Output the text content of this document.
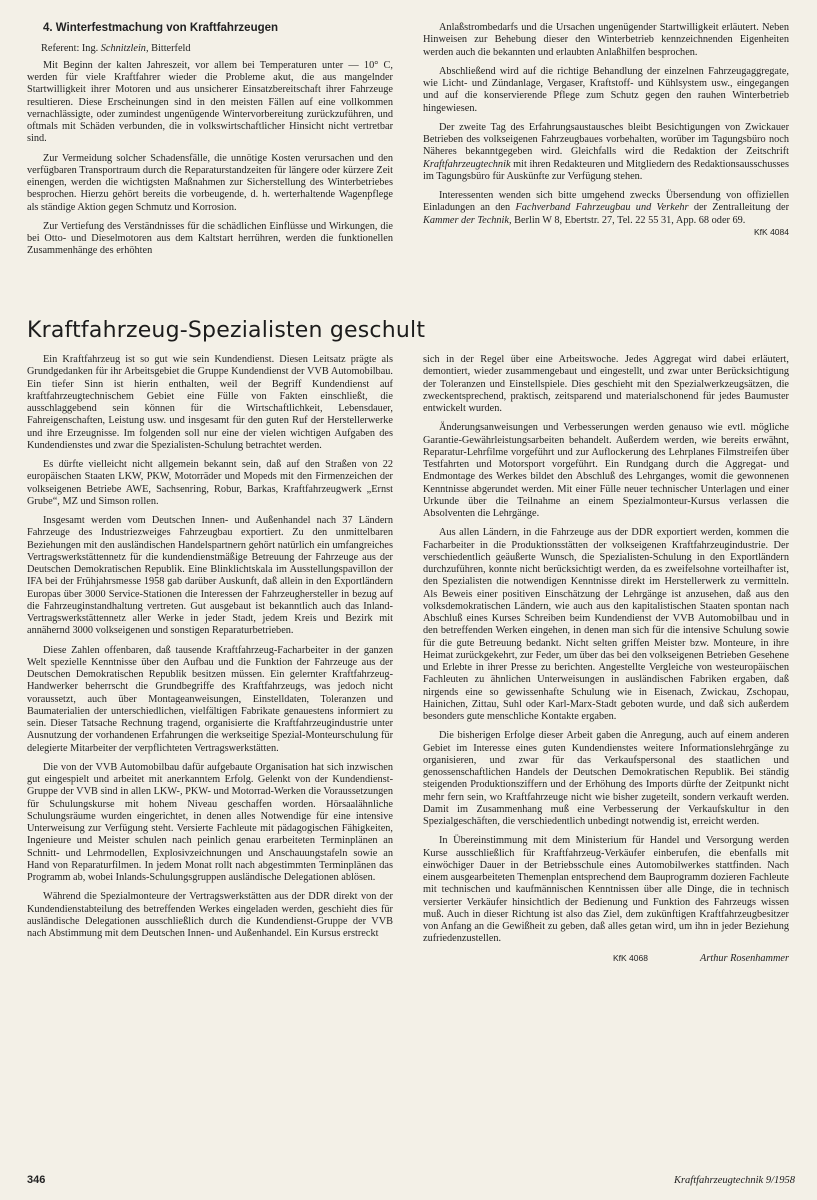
4. Winterfestmachung von Kraftfahrzeugen

Referent: Ing. Schnitzlein, Bitterfeld

Mit Beginn der kalten Jahreszeit, vor allem bei Temperaturen unter — 10° C, werden für viele Kraftfahrer wieder die Probleme akut, die aus mangelnder Startwilligkeit ihrer Motoren und aus unsicherer Einsatzbereitschaft ihrer Fahrzeuge resultieren. Diese Erscheinungen sind in den meisten Fällen auf eine vollkommen vernachlässigte, oder zumindest ungenügende Wintervorbereitung zurückzuführen, und oftmals mit Schäden verbunden, die in volkswirtschaftlicher Hinsicht nicht vertretbar sind.

Zur Vermeidung solcher Schadensfälle, die unnötige Kosten verursachen und den verfügbaren Transportraum durch die Reparaturstandzeiten für längere oder kürzere Zeit einengen, werden die wichtigsten Maßnahmen zur Sicherstellung des Winterbetriebes besprochen. Hierzu gehört bereits die vorbeugende, d. h. werterhaltende Wagenpflege als ständige Aktion gegen Schmutz und Korrosion.

Zur Vertiefung des Verständnisses für die schädlichen Einflüsse und Wirkungen, die bei Otto- und Dieselmotoren aus dem Kaltstart herrühren, werden die funktionellen Zusammenhänge des erhöhten

Anlaßstrombedarfs und die Ursachen ungenügender Startwilligkeit erläutert. Neben Hinweisen zur Behebung dieser den Winterbetrieb kennzeichnenden Eigenheiten werden auch die bekannten und erlaubten Anlaßhilfen besprochen.

Abschließend wird auf die richtige Behandlung der einzelnen Fahrzeugaggregate, wie Licht- und Zündanlage, Vergaser, Kraftstoff- und Kühlsystem usw., eingegangen und auf die konservierende Pflege zum Schutz gegen den rauhen Winterbetrieb hingewiesen.

Der zweite Tag des Erfahrungsaustausches bleibt Besichtigungen von Zwickauer Betrieben des volkseigenen Fahrzeugbaues vorbehalten, worüber im Tagungsbüro noch Näheres bekanntgegeben wird. Gleichfalls wird die Redaktion der Zeitschrift Kraftfahrzeugtechnik mit ihren Redakteuren und Mitgliedern des Redaktionsausschusses im Tagungsbüro für Auskünfte zur Verfügung stehen.

Interessenten wenden sich bitte umgehend zwecks Übersendung von offiziellen Einladungen an den Fachverband Fahrzeugbau und Verkehr der Zentralleitung der Kammer der Technik, Berlin W 8, Ebertstr. 27, Tel. 22 55 31, App. 68 oder 69.
KfK 4084

Kraftfahrzeug-Spezialisten geschult

Ein Kraftfahrzeug ist so gut wie sein Kundendienst. Diesen Leitsatz prägte als Grundgedanken für ihr Arbeitsgebiet die Gruppe Kundendienst der VVB Automobilbau. Ein tiefer Sinn ist hierin enthalten, weil der Begriff Kundendienst auf kraftfahrzeugtechnischem Gebiet eine Fülle von Fakten einschließt, die ausschlaggebend sein können für die Wirtschaftlichkeit, Lebensdauer, Fahreigenschaften, Leistung usw. und insgesamt für den guten Ruf der Herstellerwerke und ihre Erzeugnisse. Im folgenden soll nur eine der vielen wichtigen Aufgaben des Kundendienstes und zwar die Spezialisten-Schulung betrachtet werden.

Es dürfte vielleicht nicht allgemein bekannt sein, daß auf den Straßen von 22 europäischen Staaten LKW, PKW, Motorräder und Mopeds mit den Firmenzeichen der volkseigenen Betriebe AWE, Sachsenring, Robur, Barkas, Kraftfahrzeugwerk „Ernst Grube“, MZ und Simson rollen.

Insgesamt werden vom Deutschen Innen- und Außenhandel nach 37 Ländern Fahrzeuge des Industriezweiges Fahrzeugbau exportiert. Zu den unmittelbaren Beziehungen mit den ausländischen Handelspartnern gehört natürlich ein umfangreiches Vertragswerkstättennetz für die kundendienstmäßige Betreuung der Fahrzeuge aus der Deutschen Demokratischen Republik. Eine Blinklichtskala im Ausstellungspavillon der IFA bei der Frühjahrsmesse 1958 gab darüber Auskunft, daß allein in den Exportländern Europas über 3000 Service-Stationen die Interessen der Fahrzeughersteller in bezug auf die Fahrzeuginstandhaltung vertreten. Gut ausgebaut ist bekanntlich auch das Inland-Vertragswerkstättennetz aller Werke in jeder Stadt, jedem Kreis und Bezirk mit annähernd 3000 volkseigenen und sonstigen Reparaturbetrieben.

Diese Zahlen offenbaren, daß tausende Kraftfahrzeug-Facharbeiter in der ganzen Welt spezielle Kenntnisse über den Aufbau und die Funktion der Fahrzeuge aus der Deutschen Demokratischen Republik besitzen müssen. Ein gelernter Kraftfahrzeug-Handwerker beherrscht die Grundbegriffe des Kraftfahrzeugs, was jedoch nicht voraussetzt, auch über Montageanweisungen, Einstelldaten, Toleranzen und Baumaterialien der unterschiedlichen, vielfältigen Fabrikate genauestens informiert zu sein. Dieser Tatsache Rechnung tragend, organisierte die Kraftfahrzeugindustrie unter Ausnutzung der vorhandenen Erfahrungen die werkseitige Spezial-Monteurschulung für delegierte Mitarbeiter der verpflichteten Vertragswerkstätten.

Die von der VVB Automobilbau dafür aufgebaute Organisation hat sich inzwischen gut eingespielt und arbeitet mit anerkanntem Erfolg. Gelenkt von der Kundendienst-Gruppe der VVB sind in allen LKW-, PKW- und Motorrad-Werken die Voraussetzungen für Schulungskurse mit hohem Niveau geschaffen worden. Hörsaalähnliche Schulungsräume wurden eingerichtet, in denen alles Notwendige für eine intensive Unterweisung zur Verfügung steht. Versierte Fachleute mit pädagogischen Fähigkeiten, Ingenieure und Meister schulen nach peinlich genau erarbeiteten Terminplänen an Schnitt- und Lehrmodellen, Explosivzeichnungen und Anschauungstafeln sowie an Hand von Reparaturfilmen. In jedem Monat rollt nach abgestimmten Terminplänen das Programm ab, wobei Inlands-Schulungsgruppen ausländische Delegationen ablösen.

Während die Spezialmonteure der Vertragswerkstätten aus der DDR direkt von der Kundendienstabteilung des betreffenden Werkes eingeladen werden, geschieht dies für ausländische Delegationen ausschließlich durch die Kundendienst-Gruppe der VVB nach Abstimmung mit dem Deutschen Innen- und Außenhandel. Ein Kursus erstreckt

sich in der Regel über eine Arbeitswoche. Jedes Aggregat wird dabei erläutert, demontiert, wieder zusammengebaut und eingestellt, und zwar unter Berücksichtigung der Toleranzen und Einstellspiele. Dies geschieht mit den Spezialwerkzeugsätzen, die zweckentsprechend, praktisch, zeitsparend und materialschonend für jedes Baumuster entwickelt wurden.

Änderungsanweisungen und Verbesserungen werden genauso wie evtl. mögliche Garantie-Gewährleistungsarbeiten behandelt. Außerdem werden, wie bereits erwähnt, Reparatur-Lehrfilme vorgeführt und zur Auflockerung des Lehrplanes Filmstreifen über Testfahrten und Motorsport vorgeführt. Ein Rundgang durch die Aggregat- und Endmontage des Werkes bildet den Abschluß des Lehrganges, womit die gewonnenen Kenntnisse abgerundet werden. Mit einer Fülle neuer technischer Unterlagen und einer Urkunde über die Teilnahme an einem Spezialmonteur-Kursus verlassen die Absolventen die Lehrgänge.

Aus allen Ländern, in die Fahrzeuge aus der DDR exportiert werden, kommen die Facharbeiter in die Produktionsstätten der volkseigenen Kraftfahrzeugindustrie. Der verschiedentlich geäußerte Wunsch, die Spezialisten-Schulung in den Exportländern durchzuführen, konnte nicht berücksichtigt werden, da es zweifelsohne vorteilhafter ist, den Spezialisten die notwendigen Kenntnisse direkt im Herstellerwerk zu vermitteln. Als Beweis einer positiven Einschätzung der Lehrgänge ist anzusehen, daß aus den volksdemokratischen Ländern, wie auch aus den kapitalistischen Staaten spontan nach Abschluß eines Kurses Schreiben beim Kundendienst der VVB Automobilbau und in den betreffenden Werken eingehen, in denen man sich für die intensive Schulung sowie für die gute Betreuung bedankt. Nicht selten griffen Meister bzw. Monteure, in ihre Heimat zurückgekehrt, zur Feder, um über das bei den volkseigenen Betrieben Gesehene und Erlebte in ihrer Presse zu berichten. Angestellte Vergleiche von westeuropäischen Fachleuten zu ähnlichen Unterweisungen in ausländischen Fabriken ergaben, daß nirgends eine so gewissenhafte Schulung wie in Eisenach, Zwickau, Zschopau, Hainichen, Zittau, Suhl oder Karl-Marx-Stadt geboten wurde, und daß sich außerdem besonders gute menschliche Kontakte ergaben.

Die bisherigen Erfolge dieser Arbeit gaben die Anregung, auch auf einem anderen Gebiet im Interesse eines guten Kundendienstes weitere Informationslehrgänge zu organisieren, und zwar für das Verkaufspersonal des staatlichen und genossenschaftlichen Handels der Deutschen Demokratischen Republik. Bei ständig steigenden Produktionsziffern und der Erhöhung des Imports dürfte der Zeitpunkt nicht mehr fern sein, wo Kraftfahrzeuge nicht wie bisher zugeteilt, sondern verkauft werden. Damit im Zusammenhang muß eine Verbesserung der Verkaufskultur in den Spezialgeschäften, die verschiedentlich unbedingt notwendig ist, erreicht werden.

In Übereinstimmung mit dem Ministerium für Handel und Versorgung werden Kurse ausschließlich für Kraftfahrzeug-Verkäufer einberufen, die ebenfalls mit einwöchiger Dauer in der Betriebsschule eines Automobilwerkes stattfinden. Nach einem ausgearbeiteten Themenplan entsprechend dem Bauprogramm dozieren Fachleute mit technischen und kaufmännischen Kenntnissen über alle Dinge, die in technisch versierter Verkäufer hinsichtlich der Bedienung und Funktion des Fahrzeugs wissen muß. Auch in dieser Richtung ist also das Ziel, dem zukünftigen Kraftfahrzeugbesitzer von Anfang an die Gewißheit zu geben, daß alles getan wird, um ihn in jeder Beziehung zufriedenzustellen.

KfK 4068	Arthur Rosenhammer

346	Kraftfahrzeugtechnik 9/1958
